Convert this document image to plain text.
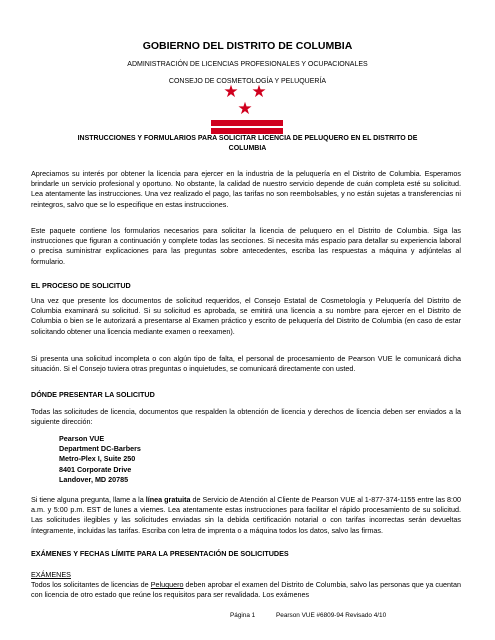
GOBIERNO DEL DISTRITO DE COLUMBIA
ADMINISTRACIÓN DE LICENCIAS PROFESIONALES Y OCUPACIONALES
CONSEJO DE COSMETOLOGÍA Y PELUQUERÍA
★ ★ ★
INSTRUCCIONES Y FORMULARIOS PARA SOLICITAR LICENCIA DE PELUQUERO EN EL DISTRITO DE
COLUMBIA

Apreciamos su interés por obtener la licencia para ejercer en la industria de la peluquería en el Distrito de Columbia. Esperamos brindarle un servicio profesional y oportuno. No obstante, la calidad de nuestro servicio depende de cuán completa esté su solicitud. Lea atentamente las instrucciones. Una vez realizado el pago, las tarifas no son reembolsables, y no están sujetas a transferencias ni reintegros, salvo que se lo especifique en estas instrucciones.

Este paquete contiene los formularios necesarios para solicitar la licencia de peluquero en el Distrito de Columbia. Siga las instrucciones que figuran a continuación y complete todas las secciones. Si necesita más espacio para detallar su experiencia laboral o precisa suministrar explicaciones para las preguntas sobre antecedentes, escriba las respuestas a máquina y adjúntelas al formulario.

EL PROCESO DE SOLICITUD

Una vez que presente los documentos de solicitud requeridos, el Consejo Estatal de Cosmetología y Peluquería del Distrito de Columbia examinará su solicitud. Si su solicitud es aprobada, se emitirá una licencia a su nombre para ejercer en el Distrito de Columbia o bien se le autorizará a presentarse al Examen práctico y escrito de peluquería del Distrito de Columbia (en caso de estar solicitando obtener una licencia mediante examen o reexamen).

Si presenta una solicitud incompleta o con algún tipo de falta, el personal de procesamiento de Pearson VUE le comunicará dicha situación. Si el Consejo tuviera otras preguntas o inquietudes, se comunicará directamente con usted.

DÓNDE PRESENTAR LA SOLICITUD

Todas las solicitudes de licencia, documentos que respalden la obtención de licencia y derechos de licencia deben ser enviados a la siguiente dirección:

Pearson VUE
Department DC-Barbers
Metro-Plex I, Suite 250
8401 Corporate Drive
Landover, MD 20785

Si tiene alguna pregunta, llame a la línea gratuita de Servicio de Atención al Cliente de Pearson VUE al 1-877-374-1155 entre las 8:00 a.m. y 5:00 p.m. EST de lunes a viernes. Lea atentamente estas instrucciones para facilitar el rápido procesamiento de su solicitud. Las solicitudes ilegibles y las solicitudes enviadas sin la debida certificación notarial o con tarifas incorrectas serán devueltas íntegramente, incluidas las tarifas. Escriba con letra de imprenta o a máquina todos los datos, salvo las firmas.

EXÁMENES Y FECHAS LÍMITE PARA LA PRESENTACIÓN DE SOLICITUDES
EXÁMENES

Todos los solicitantes de licencias de Peluquero deben aprobar el examen del Distrito de Columbia, salvo las personas que ya cuentan con licencia de otro estado que reúne los requisitos para ser revalidada. Los exámenes

Página 1	Pearson VUE #6809-94 Revisado 4/10
